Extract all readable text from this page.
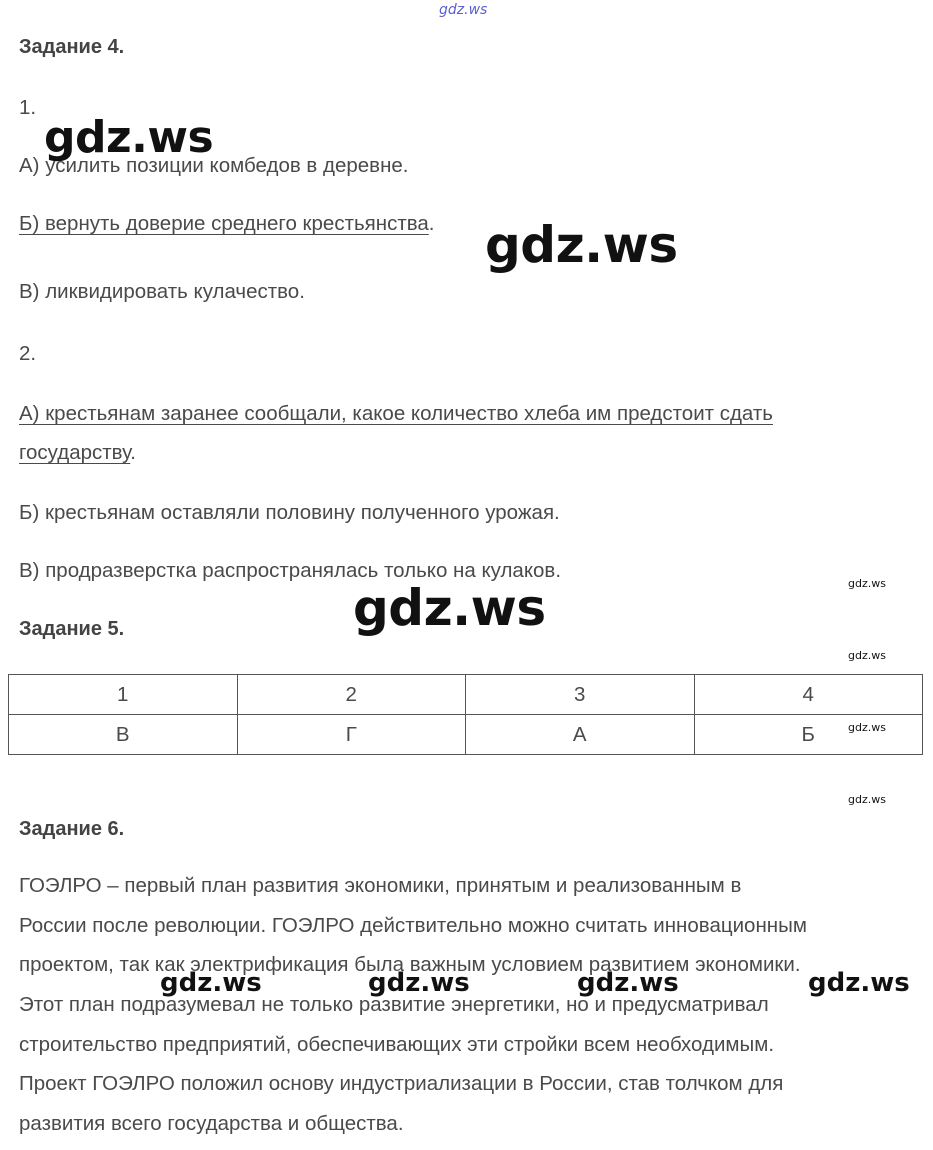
gdz.ws
Задание 4.
1.
gdz.ws
А) усилить позиции комбедов в деревне.
Б) вернуть доверие среднего крестьянства. gdz.ws
В) ликвидировать кулачество.
2.
А) крестьянам заранее сообщали, какое количество хлеба им предстоит сдать
государству.
Б) крестьянам оставляли половину полученного урожая.
В) продразверстка распространялась только на кулаков.
gdz.ws
gdz.ws
Задание 5.
gdz.ws
1	2	3	4
В	Г	А	Б	gdz.ws
gdz.ws
Задание 6.
ГОЭЛРО – первый план развития экономики, принятым и реализованным в
России после революции. ГОЭЛРО действительно можно считать инновационным
проектом, так как электрификация была важным условием развитием экономики.
Этот план подразумевал не только развитие энергетики, но и предусматривал
строительство предприятий, обеспечивающих эти стройки всем необходимым.
Проект ГОЭЛРО положил основу индустриализации в России, став толчком для
развития всего государства и общества.
gdz.ws	gdz.ws	gdz.ws	gdz.ws
